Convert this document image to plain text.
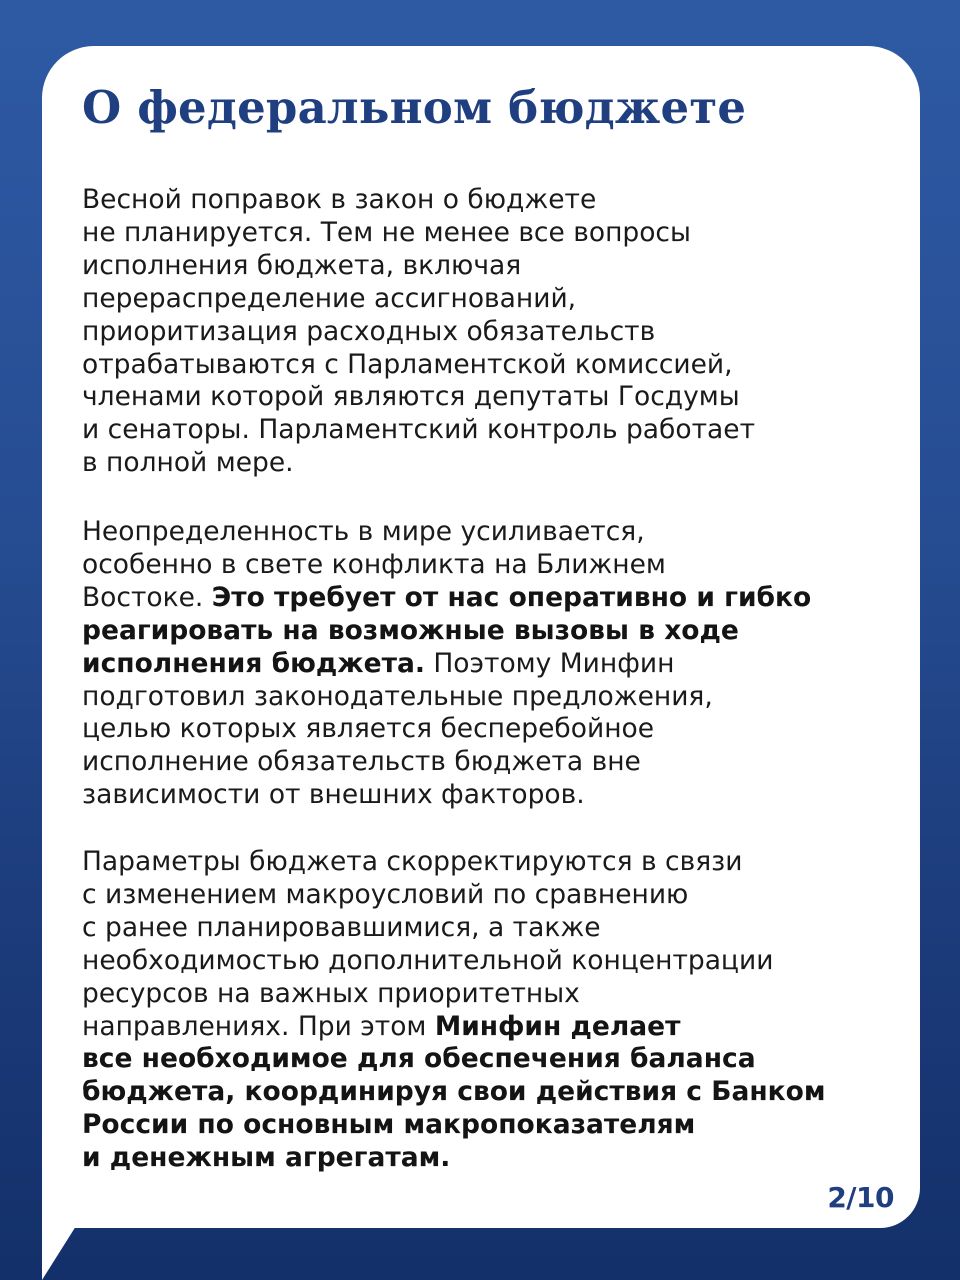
О федеральном бюджете

Весной поправок в закон о бюджете
не планируется. Тем не менее все вопросы
исполнения бюджета, включая
перераспределение ассигнований,
приоритизация расходных обязательств
отрабатываются с Парламентской комиссией,
членами которой являются депутаты Госдумы
и сенаторы. Парламентский контроль работает
в полной мере.

Неопределенность в мире усиливается,
особенно в свете конфликта на Ближнем
Востоке. Это требует от нас оперативно и гибко
реагировать на возможные вызовы в ходе
исполнения бюджета. Поэтому Минфин
подготовил законодательные предложения,
целью которых является бесперебойное
исполнение обязательств бюджета вне
зависимости от внешних факторов.

Параметры бюджета скорректируются в связи
с изменением макроусловий по сравнению
с ранее планировавшимися, а также
необходимостью дополнительной концентрации
ресурсов на важных приоритетных
направлениях. При этом Минфин делает
все необходимое для обеспечения баланса
бюджета, координируя свои действия с Банком
России по основным макропоказателям
и денежным агрегатам.

2/10
